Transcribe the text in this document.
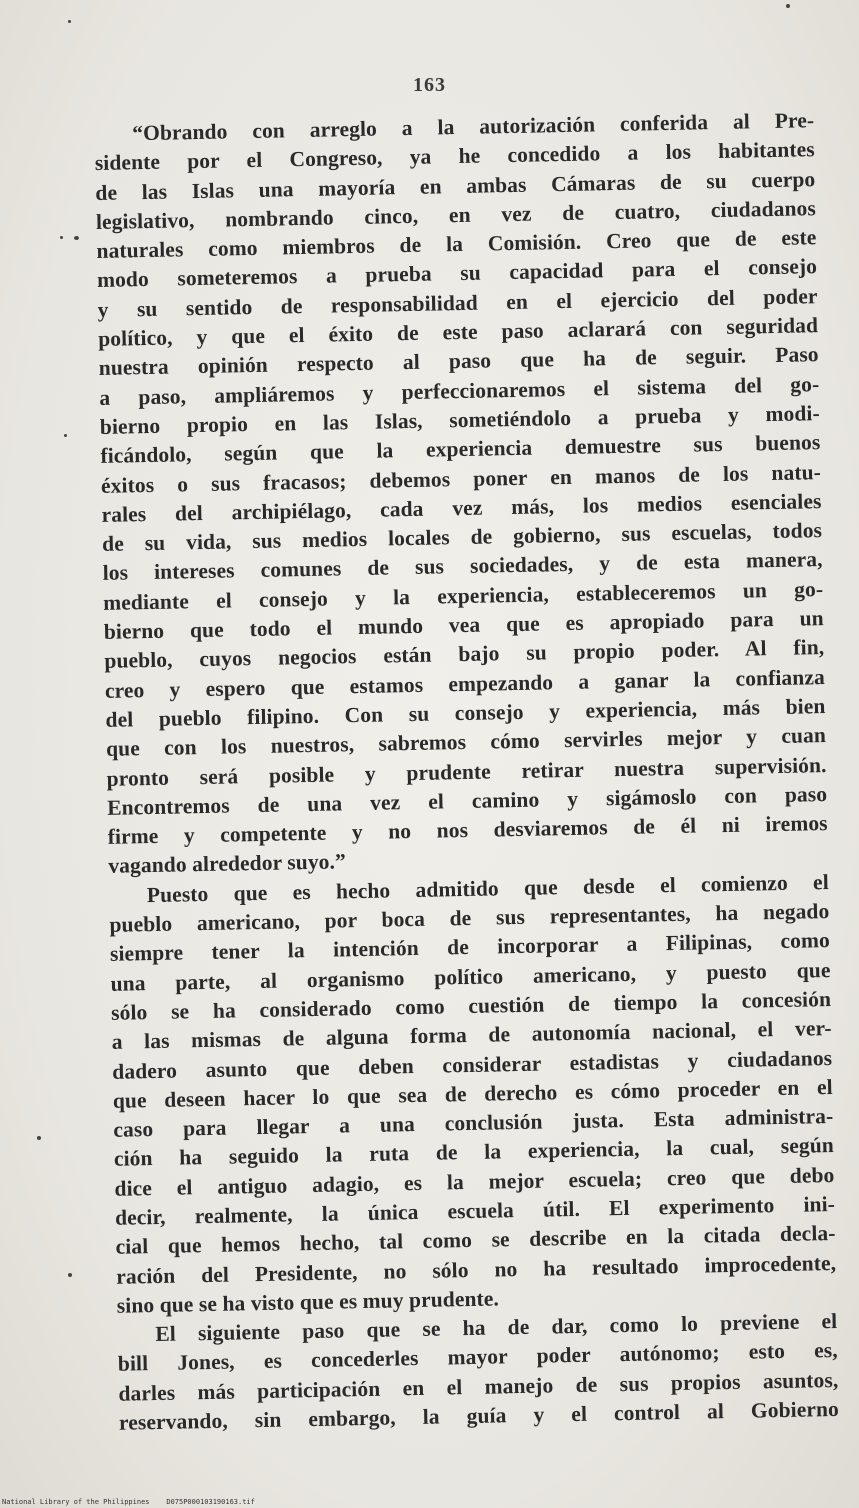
163
“Obrando con arreglo a la autorización conferida al Pre-
sidente por el Congreso, ya he concedido a los habitantes
de las Islas una mayoría en ambas Cámaras de su cuerpo
legislativo, nombrando cinco, en vez de cuatro, ciudadanos
naturales como miembros de la Comisión. Creo que de este
modo someteremos a prueba su capacidad para el consejo
y su sentido de responsabilidad en el ejercicio del poder
político, y que el éxito de este paso aclarará con seguridad
nuestra opinión respecto al paso que ha de seguir. Paso
a paso, ampliáremos y perfeccionaremos el sistema del go-
bierno propio en las Islas, sometiéndolo a prueba y modi-
ficándolo, según que la experiencia demuestre sus buenos
éxitos o sus fracasos; debemos poner en manos de los natu-
rales del archipiélago, cada vez más, los medios esenciales
de su vida, sus medios locales de gobierno, sus escuelas, todos
los intereses comunes de sus sociedades, y de esta manera,
mediante el consejo y la experiencia, estableceremos un go-
bierno que todo el mundo vea que es apropiado para un
pueblo, cuyos negocios están bajo su propio poder. Al fin,
creo y espero que estamos empezando a ganar la confianza
del pueblo filipino. Con su consejo y experiencia, más bien
que con los nuestros, sabremos cómo servirles mejor y cuan
pronto será posible y prudente retirar nuestra supervisión.
Encontremos de una vez el camino y sigámoslo con paso
firme y competente y no nos desviaremos de él ni iremos
vagando alrededor suyo.”
Puesto que es hecho admitido que desde el comienzo el
pueblo americano, por boca de sus representantes, ha negado
siempre tener la intención de incorporar a Filipinas, como
una parte, al organismo político americano, y puesto que
sólo se ha considerado como cuestión de tiempo la concesión
a las mismas de alguna forma de autonomía nacional, el ver-
dadero asunto que deben considerar estadistas y ciudadanos
que deseen hacer lo que sea de derecho es cómo proceder en el
caso para llegar a una conclusión justa. Esta administra-
ción ha seguido la ruta de la experiencia, la cual, según
dice el antiguo adagio, es la mejor escuela; creo que debo
decir, realmente, la única escuela útil. El experimento ini-
cial que hemos hecho, tal como se describe en la citada decla-
ración del Presidente, no sólo no ha resultado improcedente,
sino que se ha visto que es muy prudente.
El siguiente paso que se ha de dar, como lo previene el
bill Jones, es concederles mayor poder autónomo; esto es,
darles más participación en el manejo de sus propios asuntos,
reservando, sin embargo, la guía y el control al Gobierno
National Library of the Philippines    D075P000103190163.tif
